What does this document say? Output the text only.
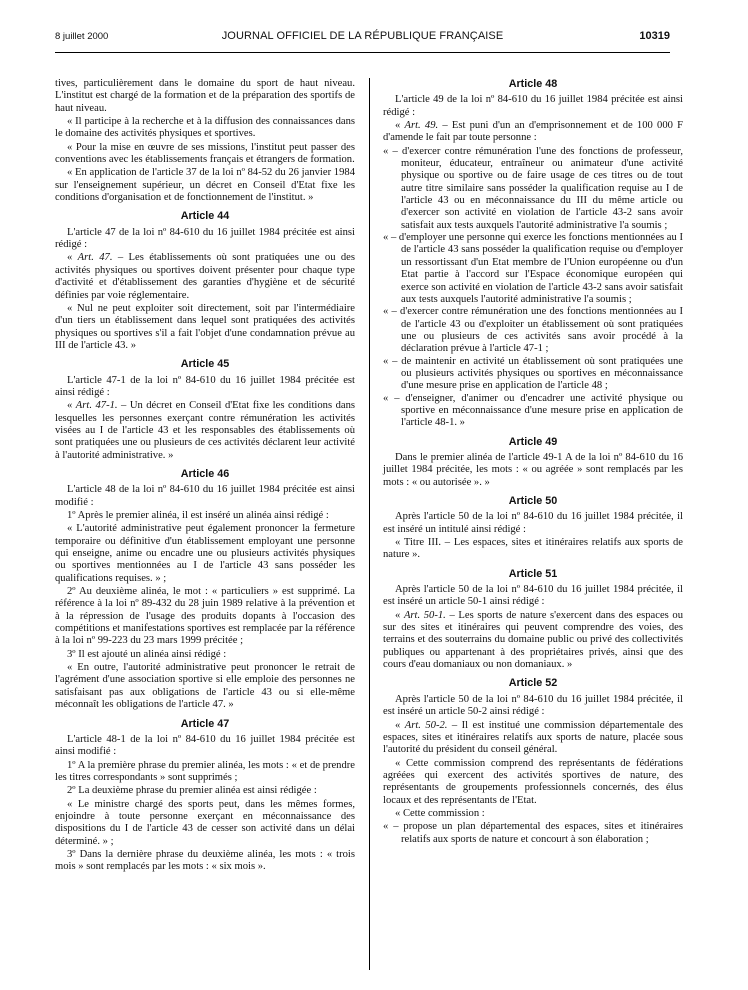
8 juillet 2000	JOURNAL OFFICIEL DE LA RÉPUBLIQUE FRANÇAISE	10319

tives, particulièrement dans le domaine du sport de haut niveau. L'institut est chargé de la formation et de la préparation des sportifs de haut niveau.

« Il participe à la recherche et à la diffusion des connaissances dans le domaine des activités physiques et sportives.

« Pour la mise en œuvre de ses missions, l'institut peut passer des conventions avec les établissements français et étrangers de formation.

« En application de l'article 37 de la loi nº 84-52 du 26 janvier 1984 sur l'enseignement supérieur, un décret en Conseil d'Etat fixe les conditions d'organisation et de fonctionnement de l'institut. »

Article 44

L'article 47 de la loi nº 84-610 du 16 juillet 1984 précitée est ainsi rédigé :

« Art. 47. – Les établissements où sont pratiquées une ou des activités physiques ou sportives doivent présenter pour chaque type d'activité et d'établissement des garanties d'hygiène et de sécurité définies par voie réglementaire.

« Nul ne peut exploiter soit directement, soit par l'intermédiaire d'un tiers un établissement dans lequel sont pratiquées des activités physiques ou sportives s'il a fait l'objet d'une condamnation prévue au III de l'article 43. »

Article 45

L'article 47-1 de la loi nº 84-610 du 16 juillet 1984 précitée est ainsi rédigé :

« Art. 47-1. – Un décret en Conseil d'Etat fixe les conditions dans lesquelles les personnes exerçant contre rémunération les activités visées au I de l'article 43 et les responsables des établissements où sont pratiquées une ou plusieurs de ces activités déclarent leur activité à l'autorité administrative. »

Article 46

L'article 48 de la loi nº 84-610 du 16 juillet 1984 précitée est ainsi modifié :

1º Après le premier alinéa, il est inséré un alinéa ainsi rédigé :

« L'autorité administrative peut également prononcer la fermeture temporaire ou définitive d'un établissement employant une personne qui enseigne, anime ou encadre une ou plusieurs activités physiques ou sportives mentionnées au I de l'article 43 sans posséder les qualifications requises. » ;

2º Au deuxième alinéa, le mot : « particuliers » est supprimé. La référence à la loi nº 89-432 du 28 juin 1989 relative à la prévention et à la répression de l'usage des produits dopants à l'occasion des compétitions et manifestations sportives est remplacée par la référence à la loi nº 99-223 du 23 mars 1999 précitée ;

3º Il est ajouté un alinéa ainsi rédigé :

« En outre, l'autorité administrative peut prononcer le retrait de l'agrément d'une association sportive si elle emploie des personnes ne satisfaisant pas aux obligations de l'article 43 ou si elle-même méconnaît les obligations de l'article 47. »

Article 47

L'article 48-1 de la loi nº 84-610 du 16 juillet 1984 précitée est ainsi modifié :

1º A la première phrase du premier alinéa, les mots : « et de prendre les titres correspondants » sont supprimés ;

2º La deuxième phrase du premier alinéa est ainsi rédigée :

« Le ministre chargé des sports peut, dans les mêmes formes, enjoindre à toute personne exerçant en méconnaissance des dispositions du I de l'article 43 de cesser son activité dans un délai déterminé. » ;

3º Dans la dernière phrase du deuxième alinéa, les mots : « trois mois » sont remplacés par les mots : « six mois ».

Article 48

L'article 49 de la loi nº 84-610 du 16 juillet 1984 précitée est ainsi rédigé :

« Art. 49. – Est puni d'un an d'emprisonnement et de 100 000 F d'amende le fait par toute personne :

« – d'exercer contre rémunération l'une des fonctions de professeur, moniteur, éducateur, entraîneur ou animateur d'une activité physique ou sportive ou de faire usage de ces titres ou de tout autre titre similaire sans posséder la qualification requise au I de l'article 43 ou en méconnaissance du III du même article ou d'exercer son activité en violation de l'article 43-2 sans avoir satisfait aux tests auxquels l'autorité administrative l'a soumis ;
« – d'employer une personne qui exerce les fonctions mentionnées au I de l'article 43 sans posséder la qualification requise ou d'employer un ressortissant d'un Etat membre de l'Union européenne ou d'un Etat partie à l'accord sur l'Espace économique européen qui exerce son activité en violation de l'article 43-2 sans avoir satisfait aux tests auxquels l'autorité administrative l'a soumis ;
« – d'exercer contre rémunération une des fonctions mentionnées au I de l'article 43 ou d'exploiter un établissement où sont pratiquées une ou plusieurs de ces activités sans avoir procédé à la déclaration prévue à l'article 47-1 ;
« – de maintenir en activité un établissement où sont pratiquées une ou plusieurs activités physiques ou sportives en méconnaissance d'une mesure prise en application de l'article 48 ;
« – d'enseigner, d'animer ou d'encadrer une activité physique ou sportive en méconnaissance d'une mesure prise en application de l'article 48-1. »
Article 49

Dans le premier alinéa de l'article 49-1 A de la loi nº 84-610 du 16 juillet 1984 précitée, les mots : « ou agréée » sont remplacés par les mots : « ou autorisée ». »

Article 50

Après l'article 50 de la loi nº 84-610 du 16 juillet 1984 précitée, il est inséré un intitulé ainsi rédigé :

« Titre III. – Les espaces, sites et itinéraires relatifs aux sports de nature ».

Article 51

Après l'article 50 de la loi nº 84-610 du 16 juillet 1984 précitée, il est inséré un article 50-1 ainsi rédigé :

« Art. 50-1. – Les sports de nature s'exercent dans des espaces ou sur des sites et itinéraires qui peuvent comprendre des voies, des terrains et des souterrains du domaine public ou privé des collectivités publiques ou appartenant à des propriétaires privés, ainsi que des cours d'eau domaniaux ou non domaniaux. »

Article 52

Après l'article 50 de la loi nº 84-610 du 16 juillet 1984 précitée, il est inséré un article 50-2 ainsi rédigé :

« Art. 50-2. – Il est institué une commission départementale des espaces, sites et itinéraires relatifs aux sports de nature, placée sous l'autorité du président du conseil général.

« Cette commission comprend des représentants de fédérations agréées qui exercent des activités sportives de nature, des représentants de groupements professionnels concernés, des élus locaux et des représentants de l'Etat.

« Cette commission :

« – propose un plan départemental des espaces, sites et itinéraires relatifs aux sports de nature et concourt à son élaboration ;
